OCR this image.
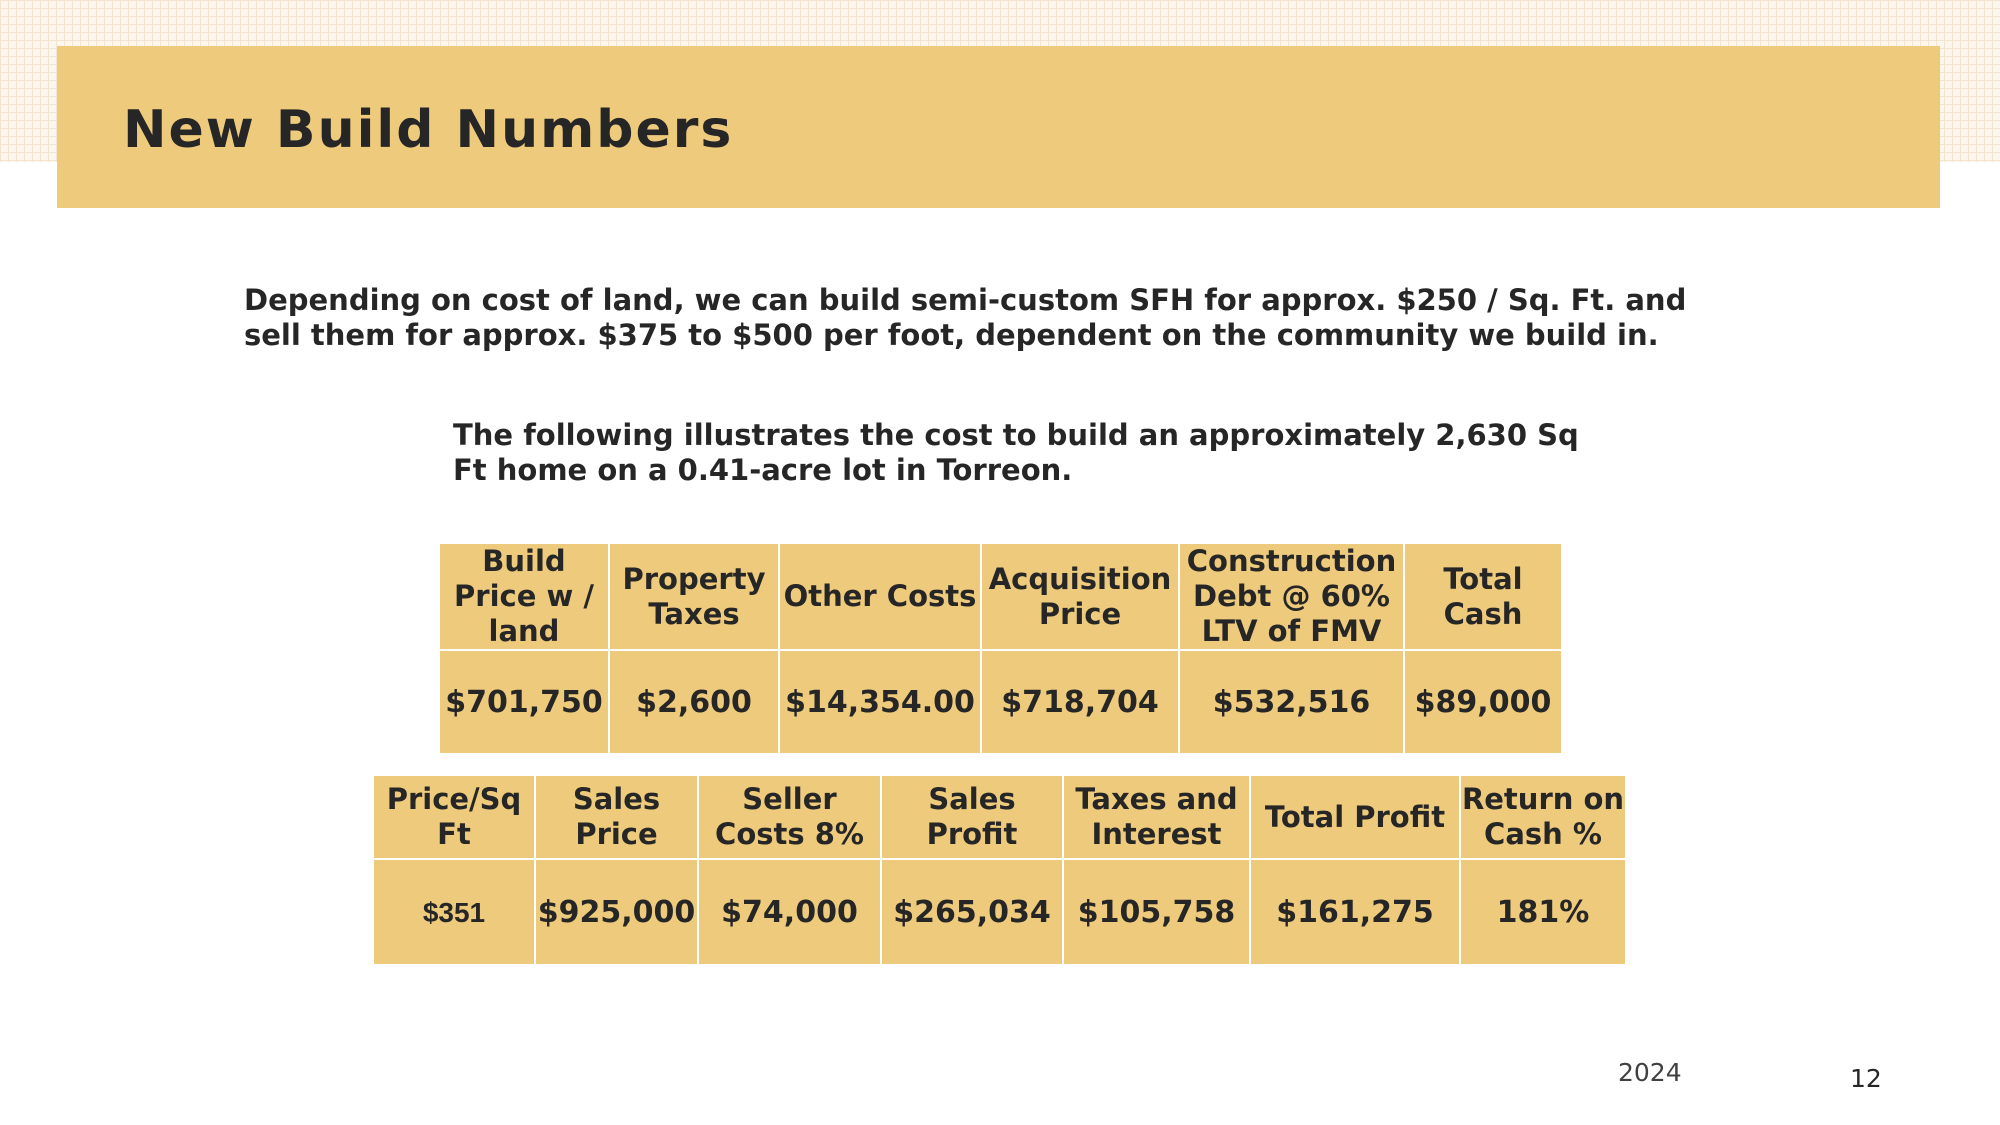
New Build Numbers

Depending on cost of land, we can build semi-custom SFH for approx. $250 / Sq. Ft. and sell them for approx. $375 to $500 per foot, dependent on the community we build in.

The following illustrates the cost to build an approximately 2,630 Sq Ft home on a 0.41-acre lot in Torreon.

Build Price w / land	Property Taxes	Other Costs	Acquisition Price	Construction Debt @ 60% LTV of FMV	Total Cash
$701,750	$2,600	$14,354.00	$718,704	$532,516	$89,000
Price/Sq Ft	Sales Price	Seller Costs 8%	Sales Profit	Taxes and Interest	Total Profit	Return on Cash %
$351	$925,000	$74,000	$265,034	$105,758	$161,275	181%
2024	12
